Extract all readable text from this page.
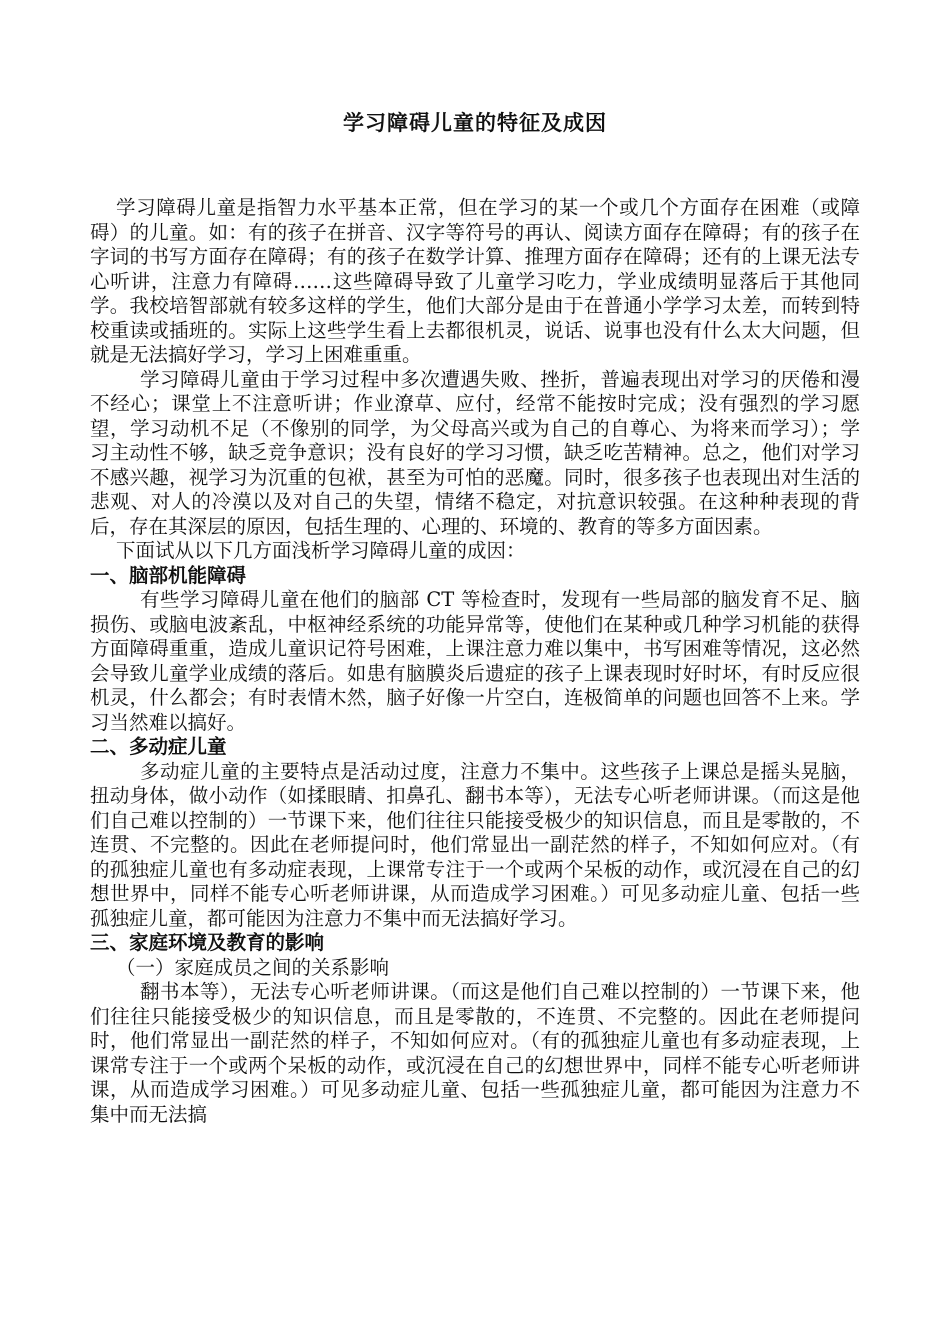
学习障碍儿童的特征及成因

学习障碍儿童是指智力水平基本正常，但在学习的某一个或几个方面存在困难（或障碍）的儿童。如：有的孩子在拼音、汉字等符号的再认、阅读方面存在障碍；有的孩子在字词的书写方面存在障碍；有的孩子在数学计算、推理方面存在障碍；还有的上课无法专心听讲，注意力有障碍……这些障碍导致了儿童学习吃力，学业成绩明显落后于其他同学。我校培智部就有较多这样的学生，他们大部分是由于在普通小学学习太差，而转到特校重读或插班的。实际上这些学生看上去都很机灵，说话、说事也没有什么太大问题，但就是无法搞好学习，学习上困难重重。

学习障碍儿童由于学习过程中多次遭遇失败、挫折，普遍表现出对学习的厌倦和漫不经心；课堂上不注意听讲；作业潦草、应付，经常不能按时完成；没有强烈的学习愿望，学习动机不足（不像别的同学，为父母高兴或为自己的自尊心、为将来而学习）；学习主动性不够，缺乏竞争意识；没有良好的学习习惯，缺乏吃苦精神。总之，他们对学习不感兴趣，视学习为沉重的包袱，甚至为可怕的恶魔。同时，很多孩子也表现出对生活的悲观、对人的冷漠以及对自己的失望，情绪不稳定，对抗意识较强。在这种种表现的背后，存在其深层的原因，包括生理的、心理的、环境的、教育的等多方面因素。

下面试从以下几方面浅析学习障碍儿童的成因：

一、脑部机能障碍

有些学习障碍儿童在他们的脑部 CT 等检查时，发现有一些局部的脑发育不足、脑损伤、或脑电波紊乱，中枢神经系统的功能异常等，使他们在某种或几种学习机能的获得方面障碍重重，造成儿童识记符号困难，上课注意力难以集中，书写困难等情况，这必然会导致儿童学业成绩的落后。如患有脑膜炎后遗症的孩子上课表现时好时坏，有时反应很机灵，什么都会；有时表情木然，脑子好像一片空白，连极简单的问题也回答不上来。学习当然难以搞好。

二、多动症儿童

多动症儿童的主要特点是活动过度，注意力不集中。这些孩子上课总是摇头晃脑，扭动身体，做小动作（如揉眼睛、扣鼻孔、翻书本等），无法专心听老师讲课。（而这是他们自己难以控制的）一节课下来，他们往往只能接受极少的知识信息，而且是零散的，不连贯、不完整的。因此在老师提问时，他们常显出一副茫然的样子，不知如何应对。（有的孤独症儿童也有多动症表现，上课常专注于一个或两个呆板的动作，或沉浸在自己的幻想世界中，同样不能专心听老师讲课，从而造成学习困难。）可见多动症儿童、包括一些孤独症儿童，都可能因为注意力不集中而无法搞好学习。

三、家庭环境及教育的影响
（一）家庭成员之间的关系影响

翻书本等），无法专心听老师讲课。（而这是他们自己难以控制的）一节课下来，他们往往只能接受极少的知识信息，而且是零散的，不连贯、不完整的。因此在老师提问时，他们常显出一副茫然的样子，不知如何应对。（有的孤独症儿童也有多动症表现，上课常专注于一个或两个呆板的动作，或沉浸在自己的幻想世界中，同样不能专心听老师讲课，从而造成学习困难。）可见多动症儿童、包括一些孤独症儿童，都可能因为注意力不集中而无法搞
